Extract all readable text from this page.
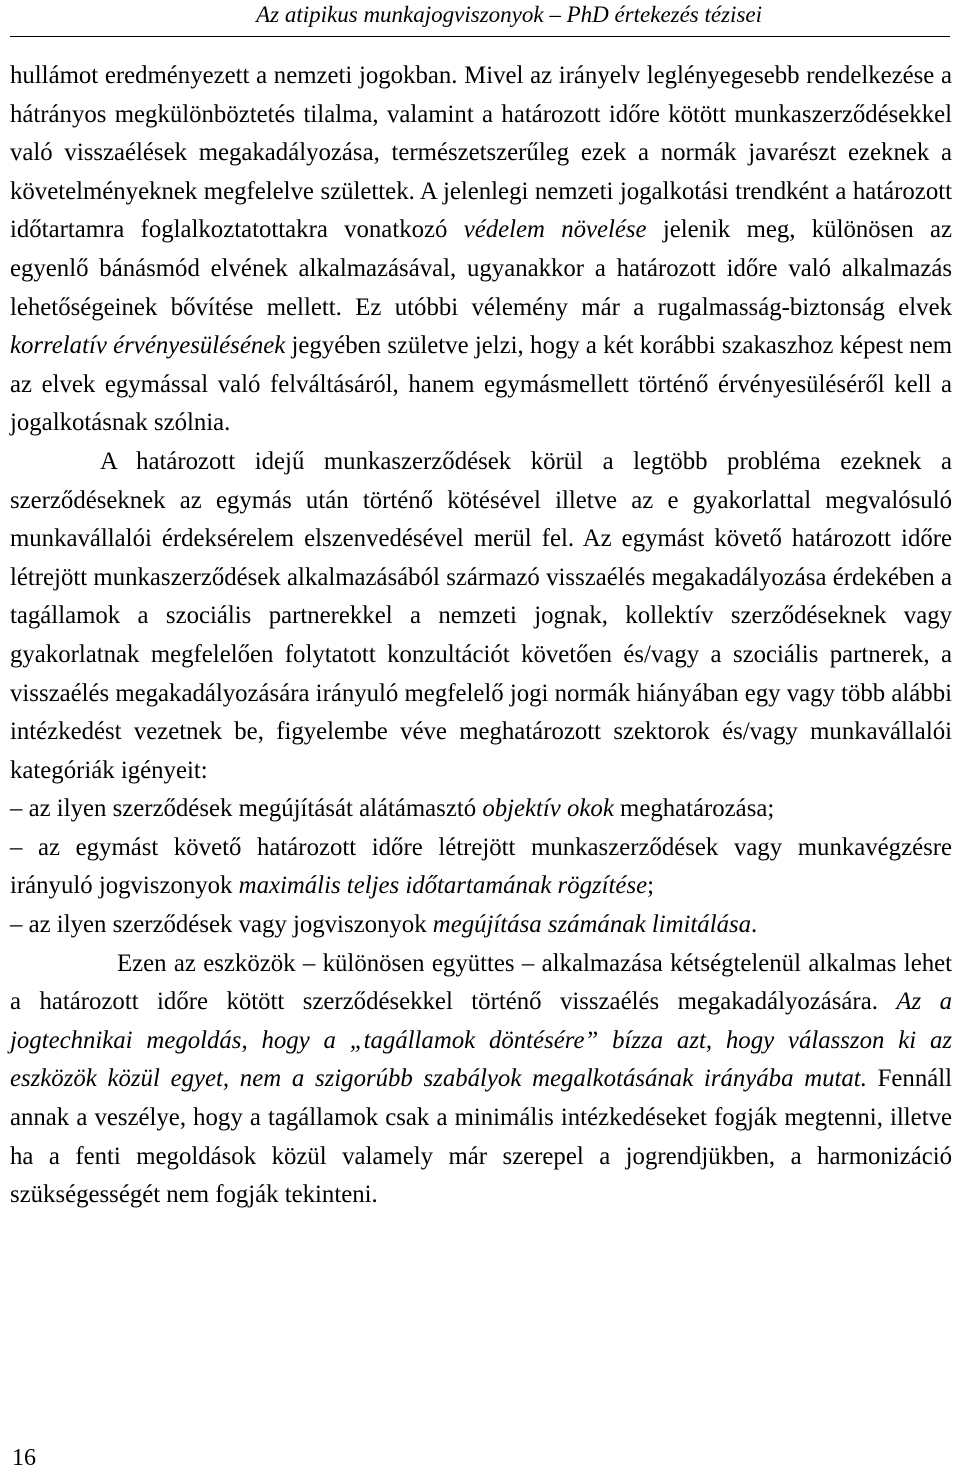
Az atipikus munkajogviszonyok – PhD értekezés tézisei

hullámot eredményezett a nemzeti jogokban. Mivel az irányelv leglényegesebb rendelkezése a hátrányos megkülönböztetés tilalma, valamint a határozott időre kötött munkaszerződésekkel való visszaélések megakadályozása, természetszerűleg ezek a normák javarészt ezeknek a követelményeknek megfelelve születtek. A jelenlegi nemzeti jogalkotási trendként a határozott időtartamra foglalkoztatottakra vonatkozó védelem növelése jelenik meg, különösen az egyenlő bánásmód elvének alkalmazásával, ugyanakkor a határozott időre való alkalmazás lehetőségeinek bővítése mellett. Ez utóbbi vélemény már a rugalmasság-biztonság elvek korrelatív érvényesülésének jegyében születve jelzi, hogy a két korábbi szakaszhoz képest nem az elvek egymással való felváltásáról, hanem egymásmellett történő érvényesüléséről kell a jogalkotásnak szólnia.

A határozott idejű munkaszerződések körül a legtöbb probléma ezeknek a szerződéseknek az egymás után történő kötésével illetve az e gyakorlattal megvalósuló munkavállalói érdeksérelem elszenvedésével merül fel. Az egymást követő határozott időre létrejött munkaszerződések alkalmazásából származó visszaélés megakadályozása érdekében a tagállamok a szociális partnerekkel a nemzeti jognak, kollektív szerződéseknek vagy gyakorlatnak megfelelően folytatott konzultációt követően és/vagy a szociális partnerek, a visszaélés megakadályozására irányuló megfelelő jogi normák hiányában egy vagy több alábbi intézkedést vezetnek be, figyelembe véve meghatározott szektorok és/vagy munkavállalói kategóriák igényeit:

– az ilyen szerződések megújítását alátámasztó objektív okok meghatározása;

– az egymást követő határozott időre létrejött munkaszerződések vagy munkavégzésre irányuló jogviszonyok maximális teljes időtartamának rögzítése;

– az ilyen szerződések vagy jogviszonyok megújítása számának limitálása.

Ezen az eszközök – különösen együttes – alkalmazása kétségtelenül alkalmas lehet a határozott időre kötött szerződésekkel történő visszaélés megakadályozására. Az a jogtechnikai megoldás, hogy a „tagállamok döntésére” bízza azt, hogy válasszon ki az eszközök közül egyet, nem a szigorúbb szabályok megalkotásának irányába mutat. Fennáll annak a veszélye, hogy a tagállamok csak a minimális intézkedéseket fogják megtenni, illetve ha a fenti megoldások közül valamely már szerepel a jogrendjükben, a harmonizáció szükségességét nem fogják tekinteni.

16
